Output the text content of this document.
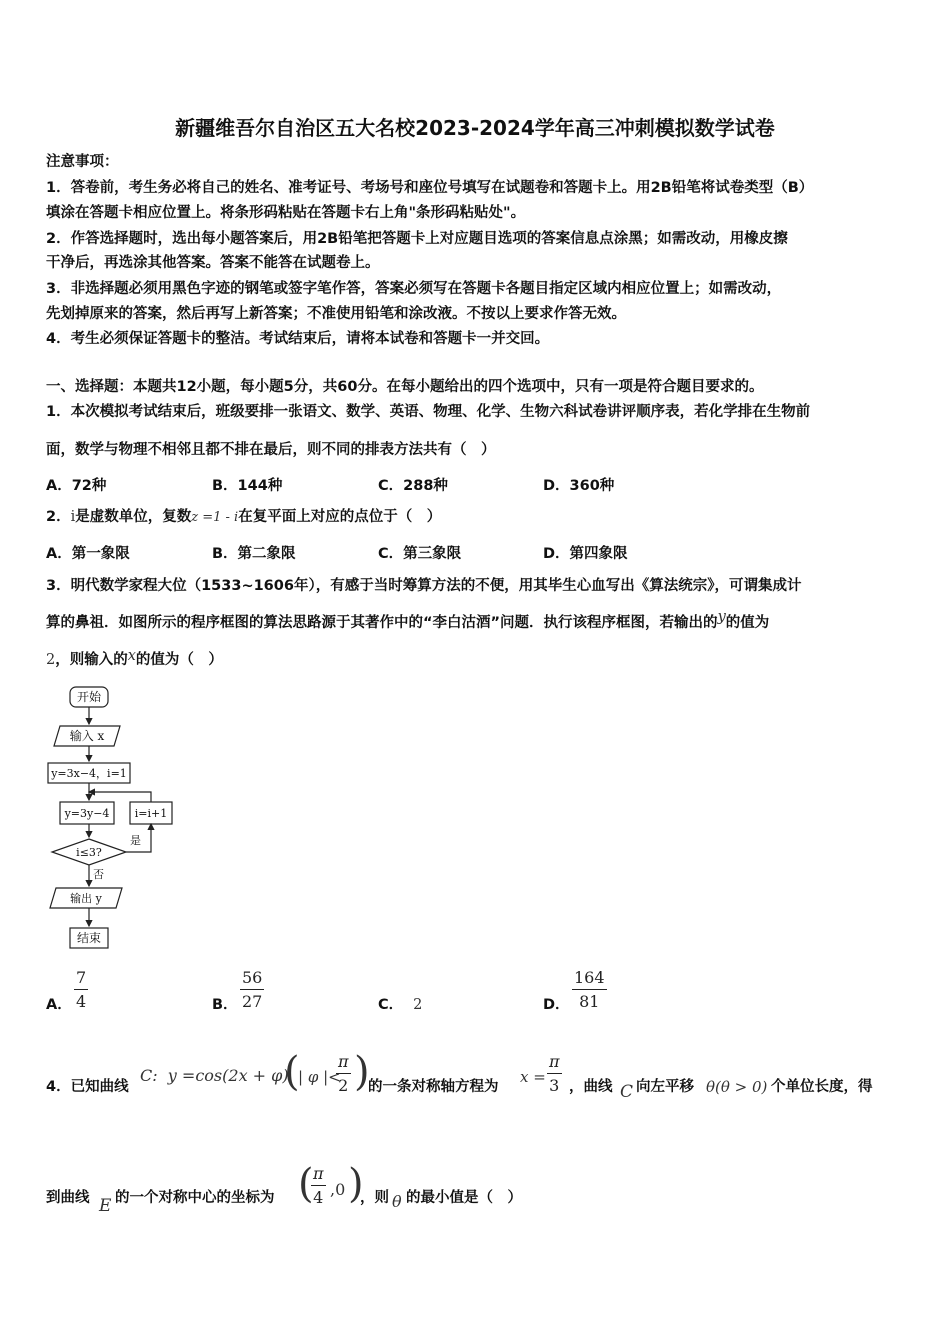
新疆维吾尔自治区五大名校2023-2024学年高三冲刺模拟数学试卷
注意事项：
1．答卷前，考生务必将自己的姓名、准考证号、考场号和座位号填写在试题卷和答题卡上。用2B铅笔将试卷类型（B）
填涂在答题卡相应位置上。将条形码粘贴在答题卡右上角"条形码粘贴处"。
2．作答选择题时，选出每小题答案后，用2B铅笔把答题卡上对应题目选项的答案信息点涂黑；如需改动，用橡皮擦
干净后，再选涂其他答案。答案不能答在试题卷上。
3．非选择题必须用黑色字迹的钢笔或签字笔作答，答案必须写在答题卡各题目指定区域内相应位置上；如需改动，
先划掉原来的答案，然后再写上新答案；不准使用铅笔和涂改液。不按以上要求作答无效。
4．考生必须保证答题卡的整洁。考试结束后，请将本试卷和答题卡一并交回。
一、选择题：本题共12小题，每小题5分，共60分。在每小题给出的四个选项中，只有一项是符合题目要求的。
1．本次模拟考试结束后，班级要排一张语文、数学、英语、物理、化学、生物六科试卷讲评顺序表，若化学排在生物前
面，数学与物理不相邻且都不排在最后，则不同的排表方法共有（　）
A．72种	B．144种	C．288种	D．360种
2．i是虚数单位，复数z =1 - i在复平面上对应的点位于（　）
A．第一象限	B．第二象限	C．第三象限	D．第四象限
3．明代数学家程大位（1533~1606年），有感于当时筹算方法的不便，用其毕生心血写出《算法统宗》，可谓集成计
算的鼻祖．如图所示的程序框图的算法思路源于其著作中的“李白沽酒”问题．执行该程序框图，若输出的y的值为
2，则输入的x的值为（　）
开始
输入 x
y=3x−4，i=1
y=3y−4 i=i+1
i≤3?
是
否
输出 y
结束
A．
7
4	B．
56
27	C． 2	D．
164
81
4．已知曲线
C:  y =cos(2x + φ)
(
| φ |<
π
2 )
的一条对称轴方程为
x =
π
3 ，曲线 C 向左平移 θ(θ > 0) 个单位长度，得
到曲线 E 的一个对称中心的坐标为 ( π
4 ,0 )
，则 θ 的最小值是（　）
